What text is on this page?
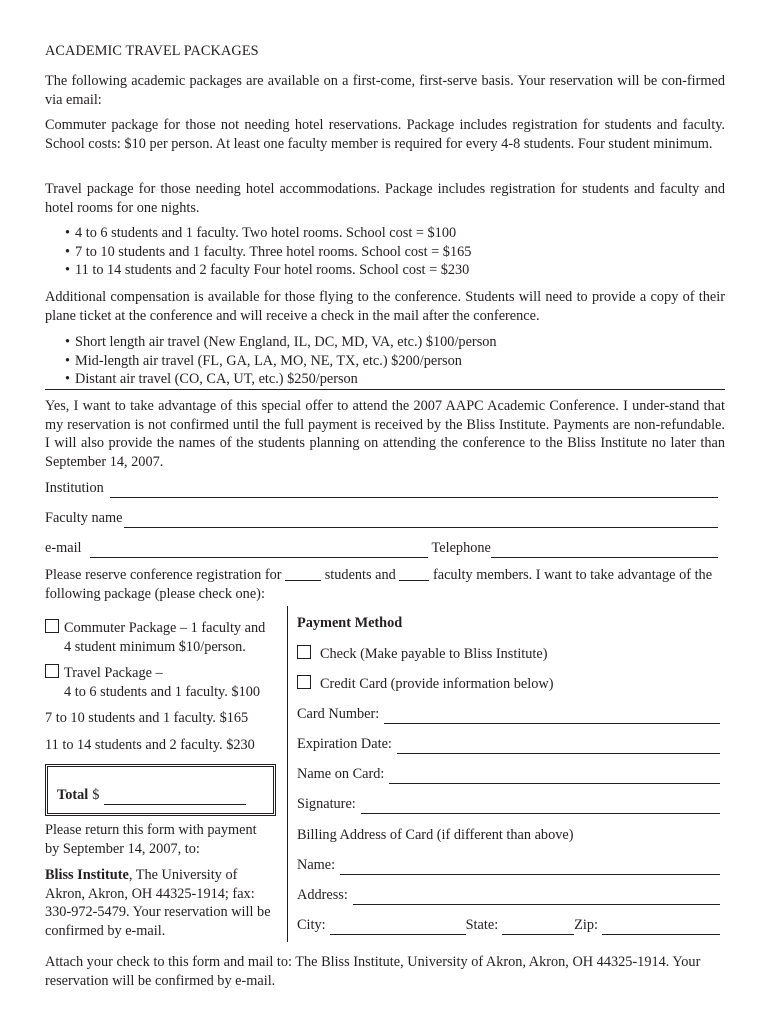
ACADEMIC TRAVEL PACKAGES
The following academic packages are available on a first-come, first-serve basis. Your reservation will be con-firmed via email:
Commuter package for those not needing hotel reservations. Package includes registration for students and faculty. School costs: $10 per person. At least one faculty member is required for every 4-8 students. Four student minimum.
Travel package for those needing hotel accommodations. Package includes registration for students and faculty and hotel rooms for one nights.
• 4 to 6 students and 1 faculty. Two hotel rooms. School cost = $100
• 7 to 10 students and 1 faculty. Three hotel rooms. School cost = $165
• 11 to 14 students and 2 faculty Four hotel rooms. School cost = $230
Additional compensation is available for those flying to the conference. Students will need to provide a copy of their plane ticket at the conference and will receive a check in the mail after the conference.
• Short length air travel (New England, IL, DC, MD, VA, etc.) $100/person
• Mid-length air travel (FL, GA, LA, MO, NE, TX, etc.) $200/person
• Distant air travel (CO, CA, UT, etc.) $250/person
Yes, I want to take advantage of this special offer to attend the 2007 AAPC Academic Conference. I under-stand that my reservation is not confirmed until the full payment is received by the Bliss Institute. Payments are non-refundable. I will also provide the names of the students planning on attending the conference to the Bliss Institute no later than September 14, 2007.
Institution
Faculty name
e-mail	Telephone
Please reserve conference registration for	students and  faculty members. I want to take advantage of the following package (please check one):
Commuter Package – 1 faculty and
4 student minimum $10/person.
Travel Package –
4 to 6 students and 1 faculty. $100
7 to 10 students and 1 faculty. $165
11 to 14 students and 2 faculty. $230
Total $
Please return this form with payment by September 14, 2007, to:
Bliss Institute, The University of Akron, Akron, OH 44325-1914; fax: 330-972-5479. Your reservation will be confirmed by e-mail.
Payment Method
Check (Make payable to Bliss Institute)
Credit Card (provide information below)
Card Number:
Expiration Date:
Name on Card:
Signature:
Billing Address of Card (if different than above)
Name:
Address:
City:	State:	Zip:
Attach your check to this form and mail to: The Bliss Institute, University of Akron, Akron, OH 44325-1914. Your reservation will be confirmed by e-mail.
